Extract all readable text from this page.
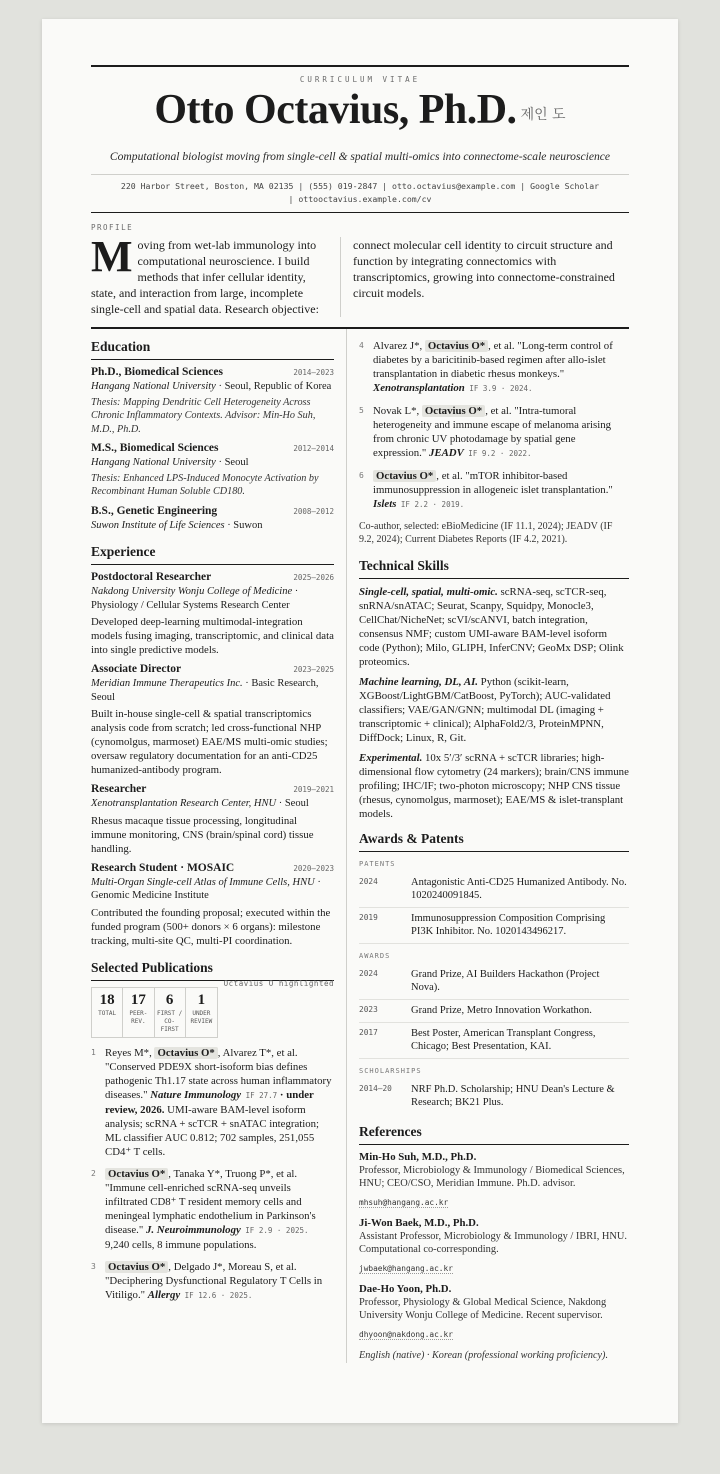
CURRICULUM VITAE
Otto Octavius, Ph.D. 제인 도
Computational biologist moving from single-cell & spatial multi-omics into connectome-scale neuroscience
220 Harbor Street, Boston, MA 02135 | (555) 019-2847 | otto.octavius@example.com | Google Scholar
| ottooctavius.example.com/cv
PROFILE
Moving from wet-lab immunology into computational neuroscience. I build methods that infer cellular identity, state, and interaction from large, incomplete single-cell and spatial data. Research objective:
connect molecular cell identity to circuit structure and function by integrating connectomics with transcriptomics, growing into connectome-constrained circuit models.
Education
Ph.D., Biomedical Sciences	2014–2023
Hangang National University · Seoul, Republic of Korea
Thesis: Mapping Dendritic Cell Heterogeneity Across Chronic Inflammatory Contexts. Advisor: Min-Ho Suh, M.D., Ph.D.
M.S., Biomedical Sciences	2012–2014
Hangang National University · Seoul
Thesis: Enhanced LPS-Induced Monocyte Activation by Recombinant Human Soluble CD180.
B.S., Genetic Engineering	2008–2012
Suwon Institute of Life Sciences · Suwon
Experience
Postdoctoral Researcher	2025–2026
Nakdong University Wonju College of Medicine · Physiology / Cellular Systems Research Center
Developed deep-learning multimodal-integration models fusing imaging, transcriptomic, and clinical data into single predictive models.
Associate Director	2023–2025
Meridian Immune Therapeutics Inc. · Basic Research, Seoul
Built in-house single-cell & spatial transcriptomics analysis code from scratch; led cross-functional NHP (cynomolgus, marmoset) EAE/MS multi-omic studies; oversaw regulatory documentation for an anti-CD25 humanized-antibody program.
Researcher	2019–2021
Xenotransplantation Research Center, HNU · Seoul
Rhesus macaque tissue processing, longitudinal immune monitoring, CNS (brain/spinal cord) tissue handling.
Research Student · MOSAIC	2020–2023
Multi-Organ Single-cell Atlas of Immune Cells, HNU · Genomic Medicine Institute
Contributed the founding proposal; executed within the funded program (500+ donors × 6 organs): milestone tracking, multi-site QC, multi-PI coordination.
Selected Publications
Octavius O highlighted
18
TOTAL
17
PEER-REV.
6
FIRST / CO-FIRST
1
UNDER REVIEW
1 Reyes M*, Octavius O* , Alvarez T*, et al. "Conserved PDE9X short-isoform bias defines pathogenic Th1.17 state across human inflammatory diseases." Nature Immunology IF 27.7 · under review, 2026. UMI-aware BAM-level isoform analysis; scRNA + scTCR + snATAC integration; ML classifier AUC 0.812; 702 samples, 251,055 CD4⁺ T cells.
2	Octavius O* , Tanaka Y*, Truong P*, et al. "Immune cell-enriched scRNA-seq unveils infiltrated CD8⁺ T resident memory cells and meningeal lymphatic endothelium in Parkinson's disease." J. Neuroimmunology IF 2.9 · 2025. 9,240 cells, 8 immune populations.
3	Octavius O* , Delgado J*, Moreau S, et al. "Deciphering Dysfunctional Regulatory T Cells in Vitiligo." Allergy IF 12.6 · 2025.
4 Alvarez J*, Octavius O* , et al. "Long-term control of diabetes by a baricitinib-based regimen after allo-islet transplantation in diabetic rhesus monkeys." Xenotransplantation IF 3.9 · 2024.
5 Novak L*, Octavius O* , et al. "Intra-tumoral heterogeneity and immune escape of melanoma arising from chronic UV photodamage by spatial gene expression." JEADV IF 9.2 · 2022.
6	Octavius O* , et al. "mTOR inhibitor-based immunosuppression in allogeneic islet transplantation." Islets IF 2.2 · 2019.
Co-author, selected: eBioMedicine (IF 11.1, 2024); JEADV (IF 9.2, 2024); Current Diabetes Reports (IF 4.2, 2021).
Technical Skills
Single-cell, spatial, multi-omic. scRNA-seq, scTCR-seq, snRNA/snATAC; Seurat, Scanpy, Squidpy, Monocle3, CellChat/NicheNet; scVI/scANVI, batch integration, consensus NMF; custom UMI-aware BAM-level isoform code (Python); Milo, GLIPH, InferCNV; GeoMx DSP; Olink proteomics.
Machine learning, DL, AI. Python (scikit-learn, XGBoost/LightGBM/CatBoost, PyTorch); AUC-validated classifiers; VAE/GAN/GNN; multimodal DL (imaging + transcriptomic + clinical); AlphaFold2/3, ProteinMPNN, DiffDock; Linux, R, Git.
Experimental. 10x 5′/3′ scRNA + scTCR libraries; high-dimensional flow cytometry (24 markers); brain/CNS immune profiling; IHC/IF; two-photon microscopy; NHP CNS tissue (rhesus, cynomolgus, marmoset); EAE/MS & islet-transplant models.
Awards & Patents
PATENTS
2024	Antagonistic Anti-CD25 Humanized Antibody. No. 1020240091845.
2019	Immunosuppression Composition Comprising PI3K Inhibitor. No. 1020143496217.
AWARDS
2024	Grand Prize, AI Builders Hackathon (Project Nova).
2023	Grand Prize, Metro Innovation Workathon.
2017	Best Poster, American Transplant Congress, Chicago; Best Presentation, KAI.
SCHOLARSHIPS
2014–20	NRF Ph.D. Scholarship; HNU Dean's Lecture & Research; BK21 Plus.
References
Min-Ho Suh, M.D., Ph.D.
Professor, Microbiology & Immunology / Biomedical Sciences, HNU; CEO/CSO, Meridian Immune. Ph.D. advisor.
mhsuh@hangang.ac.kr
Ji-Won Baek, M.D., Ph.D.
Assistant Professor, Microbiology & Immunology / IBRI, HNU. Computational co-corresponding.
jwbaek@hangang.ac.kr
Dae-Ho Yoon, Ph.D.
Professor, Physiology & Global Medical Science, Nakdong University Wonju College of Medicine. Recent supervisor.
dhyoon@nakdong.ac.kr
English (native) · Korean (professional working proficiency).
